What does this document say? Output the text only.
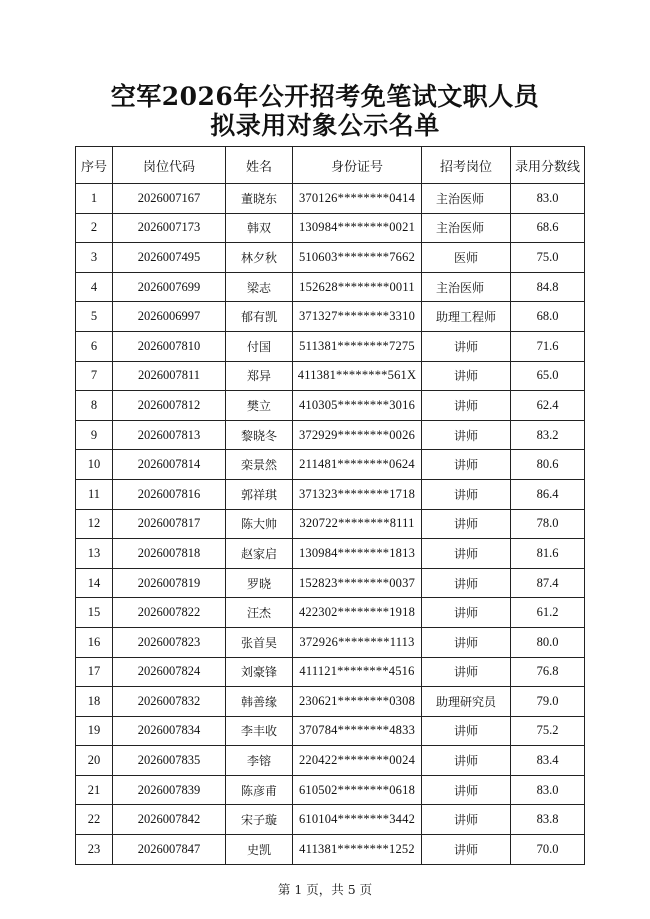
空军2026年公开招考免笔试文职人员
拟录用对象公示名单
序号	岗位代码	姓名	身份证号	招考岗位	录用分数线
1	2026007167	董晓东	370126********0414	主治医师	83.0
2	2026007173	韩双	130984********0021	主治医师	68.6
3	2026007495	林夕秋	510603********7662	医师	75.0
4	2026007699	梁志	152628********0011	主治医师	84.8
5	2026006997	郁有凯	371327********3310	助理工程师	68.0
6	2026007810	付国	511381********7275	讲师	71.6
7	2026007811	郑异	411381********561X	讲师	65.0
8	2026007812	樊立	410305********3016	讲师	62.4
9	2026007813	黎晓冬	372929********0026	讲师	83.2
10	2026007814	栾景然	211481********0624	讲师	80.6
11	2026007816	郭祥琪	371323********1718	讲师	86.4
12	2026007817	陈大帅	320722********8111	讲师	78.0
13	2026007818	赵家启	130984********1813	讲师	81.6
14	2026007819	罗晓	152823********0037	讲师	87.4
15	2026007822	汪杰	422302********1918	讲师	61.2
16	2026007823	张首昊	372926********1113	讲师	80.0
17	2026007824	刘豪锋	411121********4516	讲师	76.8
18	2026007832	韩善缘	230621********0308	助理研究员	79.0
19	2026007834	李丰收	370784********4833	讲师	75.2
20	2026007835	李镕	220422********0024	讲师	83.4
21	2026007839	陈彦甫	610502********0618	讲师	83.0
22	2026007842	宋子璇	610104********3442	讲师	83.8
23	2026007847	史凯	411381********1252	讲师	70.0
第 1 页，共 5 页
